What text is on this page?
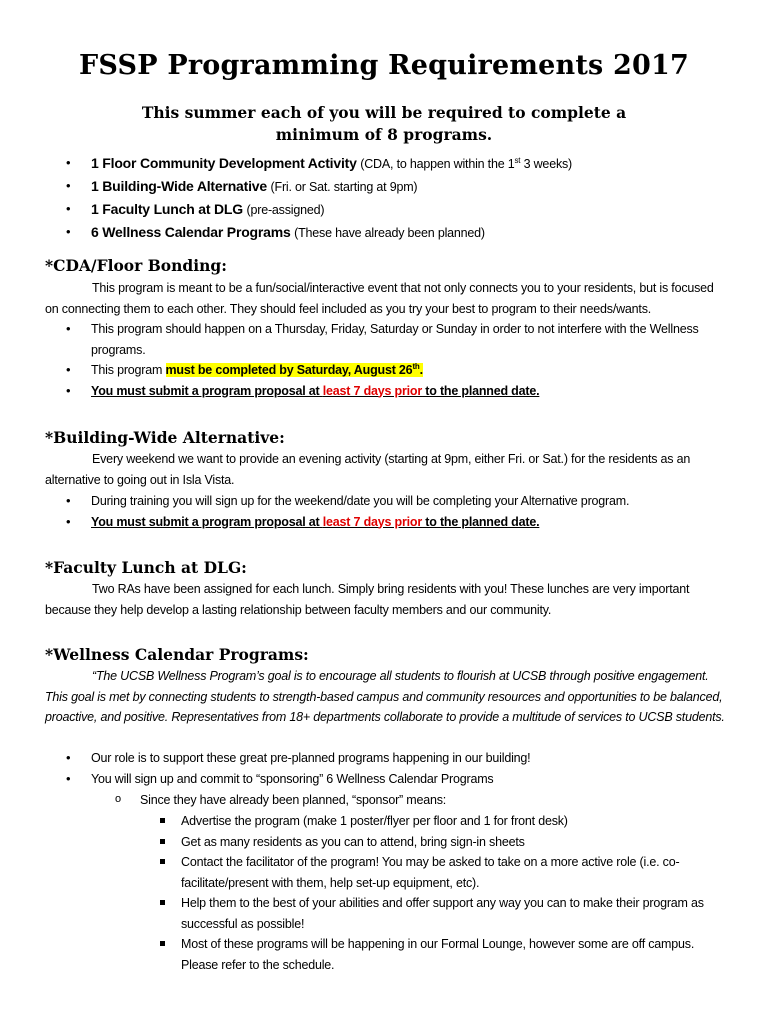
FSSP Programming Requirements 2017
This summer each of you will be required to complete a
minimum of 8 programs.
• 1 Floor Community Development Activity (CDA, to happen within the 1st 3 weeks)
• 1 Building-Wide Alternative (Fri. or Sat. starting at 9pm)
• 1 Faculty Lunch at DLG (pre-assigned)
• 6 Wellness Calendar Programs (These have already been planned)
*CDA/Floor Bonding:
This program is meant to be a fun/social/interactive event that not only connects you to your residents, but is focused on connecting them to each other. They should feel included as you try your best to program to their needs/wants.
• This program should happen on a Thursday, Friday, Saturday or Sunday in order to not interfere with the Wellness programs.
• This program must be completed by Saturday, August 26th.
• You must submit a program proposal at least 7 days prior to the planned date.
*Building-Wide Alternative:
Every weekend we want to provide an evening activity (starting at 9pm, either Fri. or Sat.) for the residents as an alternative to going out in Isla Vista.
• During training you will sign up for the weekend/date you will be completing your Alternative program.
• You must submit a program proposal at least 7 days prior to the planned date.
*Faculty Lunch at DLG:
Two RAs have been assigned for each lunch. Simply bring residents with you! These lunches are very important because they help develop a lasting relationship between faculty members and our community.
*Wellness Calendar Programs:
“The UCSB Wellness Program’s goal is to encourage all students to flourish at UCSB through positive engagement. This goal is met by connecting students to strength-based campus and community resources and opportunities to be balanced, proactive, and positive. Representatives from 18+ departments collaborate to provide a multitude of services to UCSB students.
• Our role is to support these great pre-planned programs happening in our building!
• You will sign up and commit to “sponsoring” 6 Wellness Calendar Programs
o Since they have already been planned, “sponsor” means:
Advertise the program (make 1 poster/flyer per floor and 1 for front desk)
Get as many residents as you can to attend, bring sign-in sheets
Contact the facilitator of the program! You may be asked to take on a more active role (i.e. co-facilitate/present with them, help set-up equipment, etc).
Help them to the best of your abilities and offer support any way you can to make their program as successful as possible!
Most of these programs will be happening in our Formal Lounge, however some are off campus. Please refer to the schedule.
